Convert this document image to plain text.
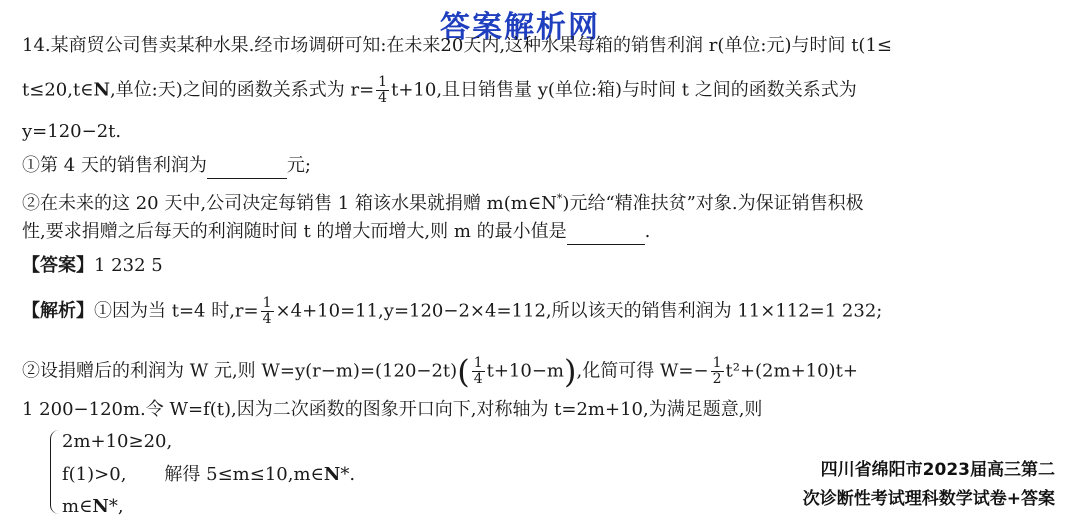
答案解析网
14.某商贸公司售卖某种水果.经市场调研可知:在未来20天内,这种水果每箱的销售利润 r(单位:元)与时间 t(1≤
t≤20,t∈N,单位:天)之间的函数关系式为 $r= \frac{1}{4} t+10$,且日销售量 y(单位:箱)与时间 t 之间的函数关系式为
y=120−2t.
①第 4 天的销售利润为	元;
②在未来的这 20 天中,公司决定每销售 1 箱该水果就捐赠 m(m∈N*)元给“精准扶贫”对象.为保证销售积极
性,要求捐赠之后每天的利润随时间 t 的增大而增大,则 m 的最小值是	.
【答案】1 232 5
【解析】①因为当 t=4 时$,r= \frac{1}{4} \times 4+10=11,y=120-2\times 4=112$,所以该天的销售利润为 11×112=1 232;
②设捐赠后的利润为 W 元,则 $W=y(r-m)=(120-2t)( \frac{1}{4} t+10-m)$,化简可得 $W=- \frac{1}{2} t^2+(2m+10)t+$
1 200−120m.令 W=f(t),因为二次函数的图象开口向下,对称轴为 t=2m+10,为满足题意,则
2m+10≥20,
f(1)>0, 解得 5≤m≤10,m∈N*.
m∈N*,
四川省绵阳市2023届高三第二
次诊断性考试理科数学试卷+答案
